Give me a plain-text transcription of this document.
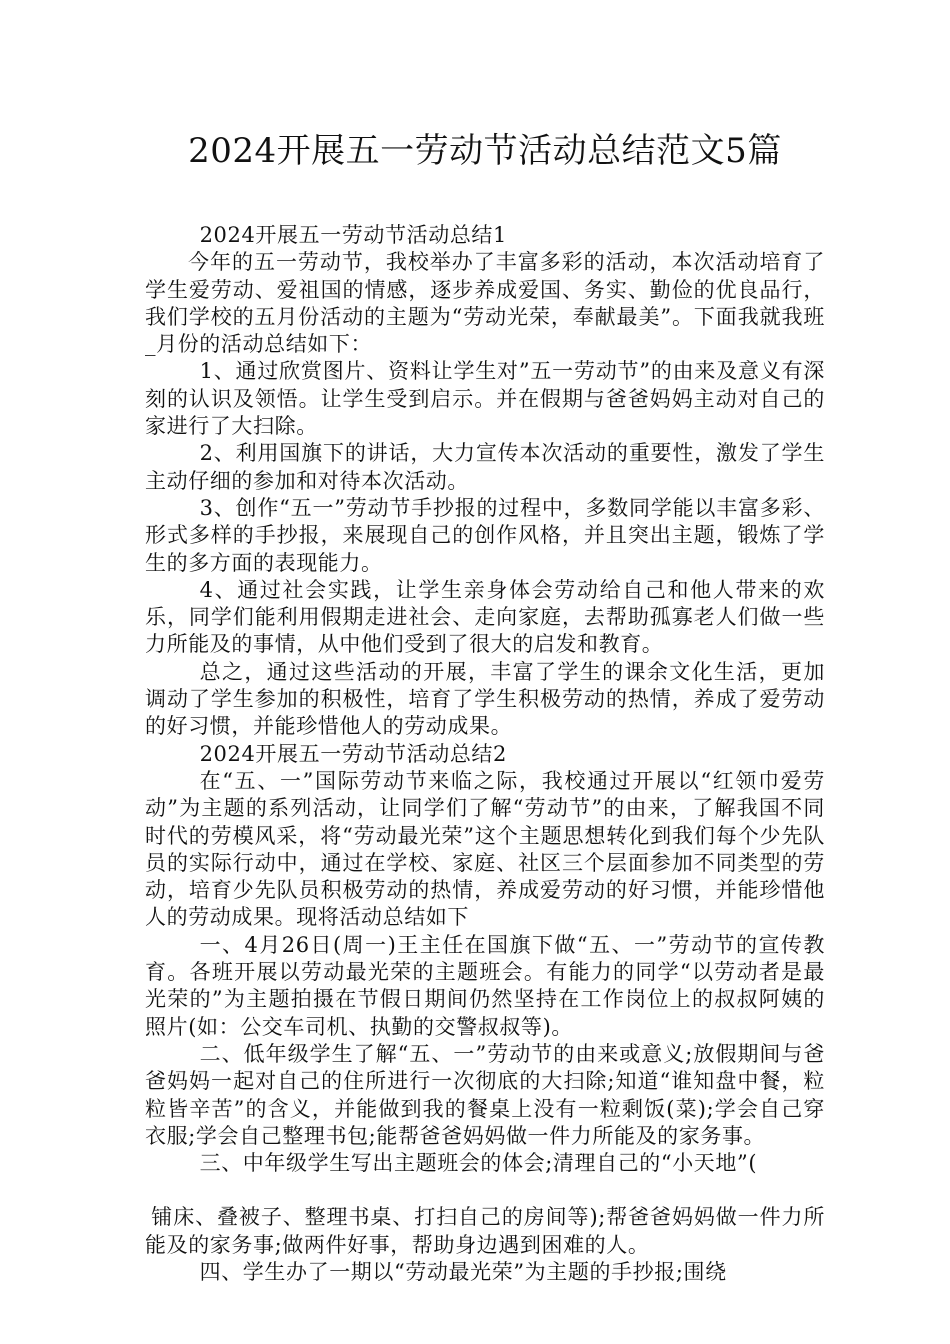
2024开展五一劳动节活动总结范文5篇

2024开展五一劳动节活动总结1

今年的五一劳动节，我校举办了丰富多彩的活动，本次活动培育了学生爱劳动、爱祖国的情感，逐步养成爱国、务实、勤俭的优良品行，我们学校的五月份活动的主题为“劳动光荣，奉献最美”。下面我就我班_月份的活动总结如下：

1、通过欣赏图片、资料让学生对”五一劳动节”的由来及意义有深刻的认识及领悟。让学生受到启示。并在假期与爸爸妈妈主动对自己的家进行了大扫除。

2、利用国旗下的讲话，大力宣传本次活动的重要性，激发了学生主动仔细的参加和对待本次活动。

3、创作“五一”劳动节手抄报的过程中，多数同学能以丰富多彩、形式多样的手抄报，来展现自己的创作风格，并且突出主题，锻炼了学生的多方面的表现能力。

4、通过社会实践，让学生亲身体会劳动给自己和他人带来的欢乐，同学们能利用假期走进社会、走向家庭，去帮助孤寡老人们做一些力所能及的事情，从中他们受到了很大的启发和教育。

总之，通过这些活动的开展，丰富了学生的课余文化生活，更加调动了学生参加的积极性，培育了学生积极劳动的热情，养成了爱劳动的好习惯，并能珍惜他人的劳动成果。

2024开展五一劳动节活动总结2

在“五、一”国际劳动节来临之际，我校通过开展以“红领巾爱劳动”为主题的系列活动，让同学们了解“劳动节”的由来，了解我国不同时代的劳模风采，将“劳动最光荣”这个主题思想转化到我们每个少先队员的实际行动中，通过在学校、家庭、社区三个层面参加不同类型的劳动，培育少先队员积极劳动的热情，养成爱劳动的好习惯，并能珍惜他人的劳动成果。现将活动总结如下

一、4月26日(周一)王主任在国旗下做“五、一”劳动节的宣传教育。各班开展以劳动最光荣的主题班会。有能力的同学“以劳动者是最光荣的”为主题拍摄在节假日期间仍然坚持在工作岗位上的叔叔阿姨的照片(如：公交车司机、执勤的交警叔叔等)。

二、低年级学生了解“五、一”劳动节的由来或意义;放假期间与爸爸妈妈一起对自己的住所进行一次彻底的大扫除;知道“谁知盘中餐，粒粒皆辛苦”的含义，并能做到我的餐桌上没有一粒剩饭(菜);学会自己穿衣服;学会自己整理书包;能帮爸爸妈妈做一件力所能及的家务事。

三、中年级学生写出主题班会的体会;清理自己的“小天地”(

铺床、叠被子、整理书桌、打扫自己的房间等);帮爸爸妈妈做一件力所能及的家务事;做两件好事，帮助身边遇到困难的人。

四、学生办了一期以“劳动最光荣”为主题的手抄报;围绕
